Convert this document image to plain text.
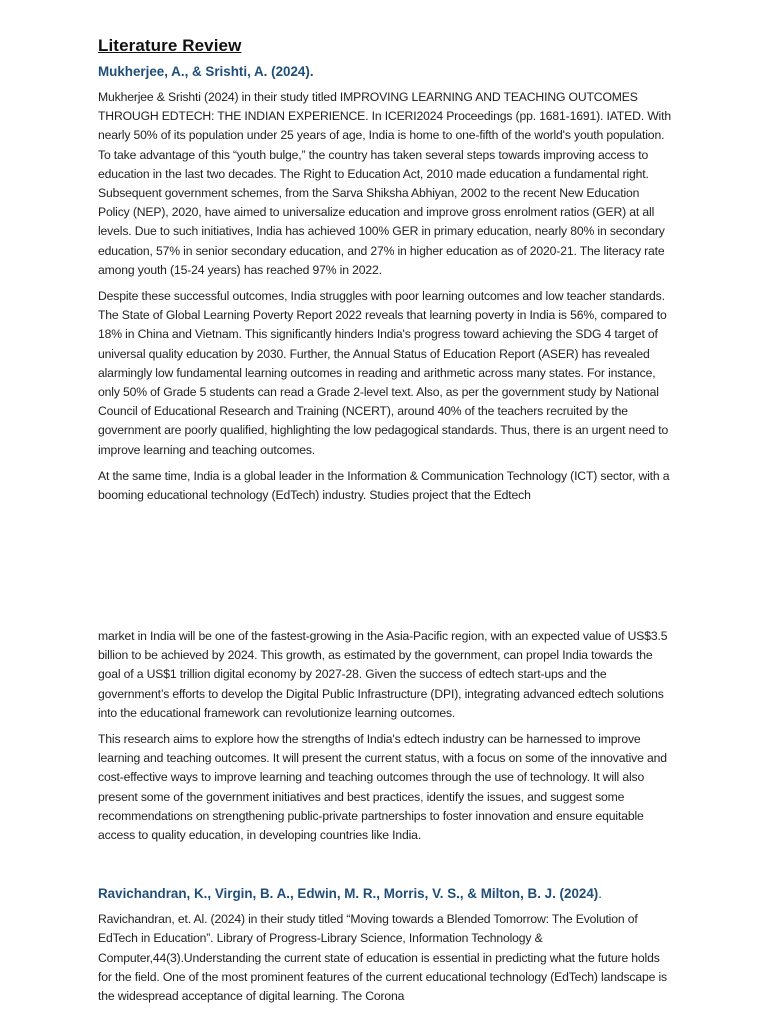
Literature Review
Mukherjee, A., & Srishti, A. (2024).

Mukherjee & Srishti (2024) in their study titled IMPROVING LEARNING AND TEACHING OUTCOMES THROUGH EDTECH: THE INDIAN EXPERIENCE. In ICERI2024 Proceedings (pp. 1681-1691). IATED. With nearly 50% of its population under 25 years of age, India is home to one-fifth of the world's youth population. To take advantage of this “youth bulge,” the country has taken several steps towards improving access to education in the last two decades. The Right to Education Act, 2010 made education a fundamental right. Subsequent government schemes, from the Sarva Shiksha Abhiyan, 2002 to the recent New Education Policy (NEP), 2020, have aimed to universalize education and improve gross enrolment ratios (GER) at all levels. Due to such initiatives, India has achieved 100% GER in primary education, nearly 80% in secondary education, 57% in senior secondary education, and 27% in higher education as of 2020-21. The literacy rate among youth (15-24 years) has reached 97% in 2022.

Despite these successful outcomes, India struggles with poor learning outcomes and low teacher standards. The State of Global Learning Poverty Report 2022 reveals that learning poverty in India is 56%, compared to 18% in China and Vietnam. This significantly hinders India's progress toward achieving the SDG 4 target of universal quality education by 2030. Further, the Annual Status of Education Report (ASER) has revealed alarmingly low fundamental learning outcomes in reading and arithmetic across many states. For instance, only 50% of Grade 5 students can read a Grade 2-level text. Also, as per the government study by National Council of Educational Research and Training (NCERT), around 40% of the teachers recruited by the government are poorly qualified, highlighting the low pedagogical standards. Thus, there is an urgent need to improve learning and teaching outcomes.

At the same time, India is a global leader in the Information & Communication Technology (ICT) sector, with a booming educational technology (EdTech) industry. Studies project that the Edtech

market in India will be one of the fastest-growing in the Asia-Pacific region, with an expected value of US$3.5 billion to be achieved by 2024. This growth, as estimated by the government, can propel India towards the goal of a US$1 trillion digital economy by 2027-28. Given the success of edtech start-ups and the government’s efforts to develop the Digital Public Infrastructure (DPI), integrating advanced edtech solutions into the educational framework can revolutionize learning outcomes.

This research aims to explore how the strengths of India's edtech industry can be harnessed to improve learning and teaching outcomes. It will present the current status, with a focus on some of the innovative and cost-effective ways to improve learning and teaching outcomes through the use of technology. It will also present some of the government initiatives and best practices, identify the issues, and suggest some recommendations on strengthening public-private partnerships to foster innovation and ensure equitable access to quality education, in developing countries like India.

Ravichandran, K., Virgin, B. A., Edwin, M. R., Morris, V. S., & Milton, B. J. (2024).

Ravichandran, et. Al. (2024) in their study titled “Moving towards a Blended Tomorrow: The Evolution of EdTech in Education”. Library of Progress-Library Science, Information Technology & Computer,44(3).Understanding the current state of education is essential in predicting what the future holds for the field. One of the most prominent features of the current educational technology (EdTech) landscape is the widespread acceptance of digital learning. The Corona
